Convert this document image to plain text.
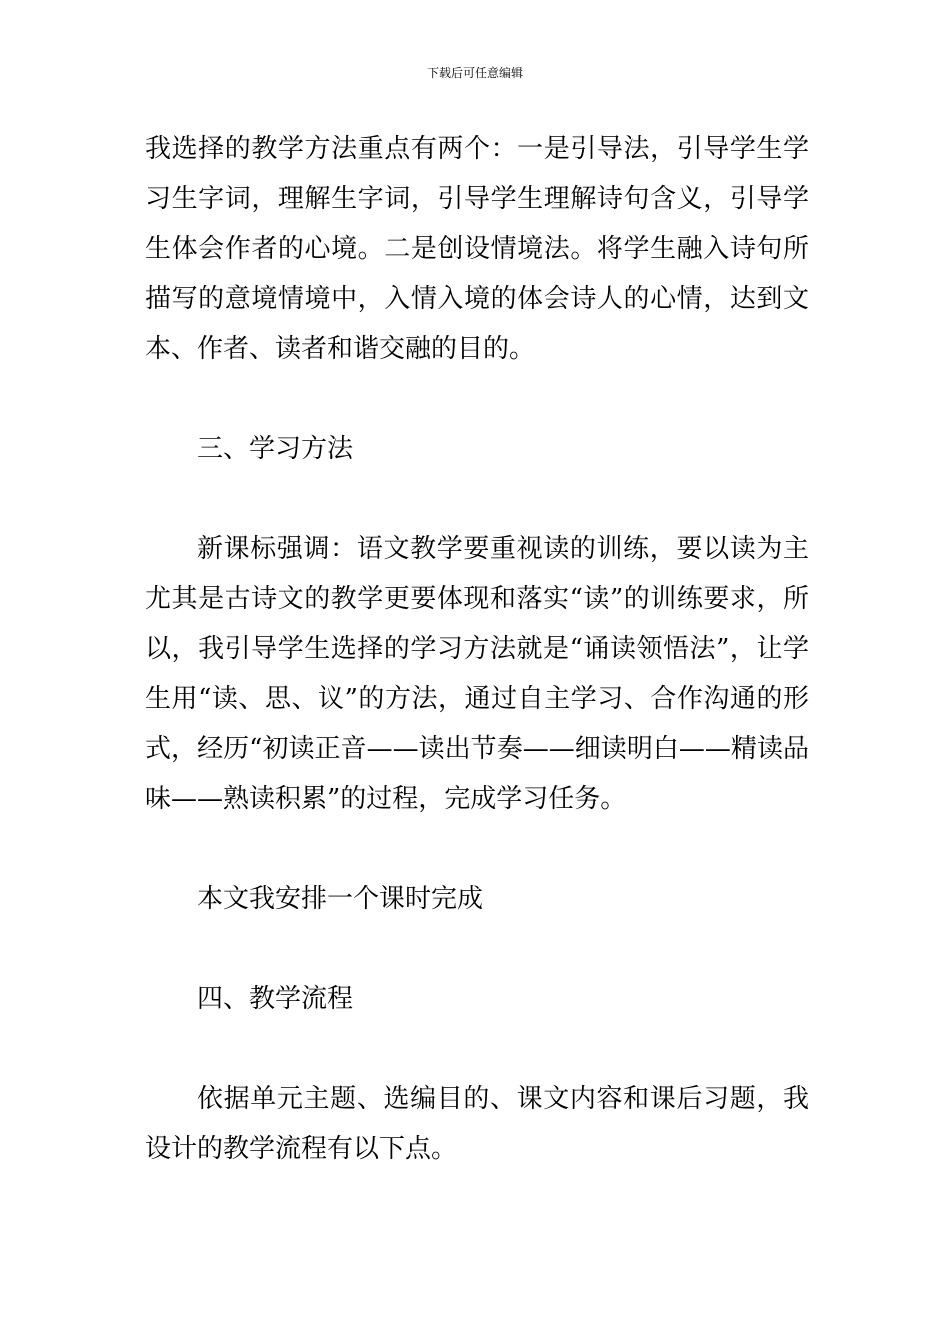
下载后可任意编辑

我选择的教学方法重点有两个：一是引导法，引导学生学习生字词，理解生字词，引导学生理解诗句含义，引导学生体会作者的心境。二是创设情境法。将学生融入诗句所描写的意境情境中，入情入境的体会诗人的心情，达到文本、作者、读者和谐交融的目的。

三、学习方法

新课标强调：语文教学要重视读的训练，要以读为主尤其是古诗文的教学更要体现和落实“读”的训练要求，所以，我引导学生选择的学习方法就是“诵读领悟法”，让学生用“读、思、议”的方法，通过自主学习、合作沟通的形式，经历“初读正音——读出节奏——细读明白——精读品味——熟读积累”的过程，完成学习任务。

本文我安排一个课时完成

四、教学流程

依据单元主题、选编目的、课文内容和课后习题，我设计的教学流程有以下点。
